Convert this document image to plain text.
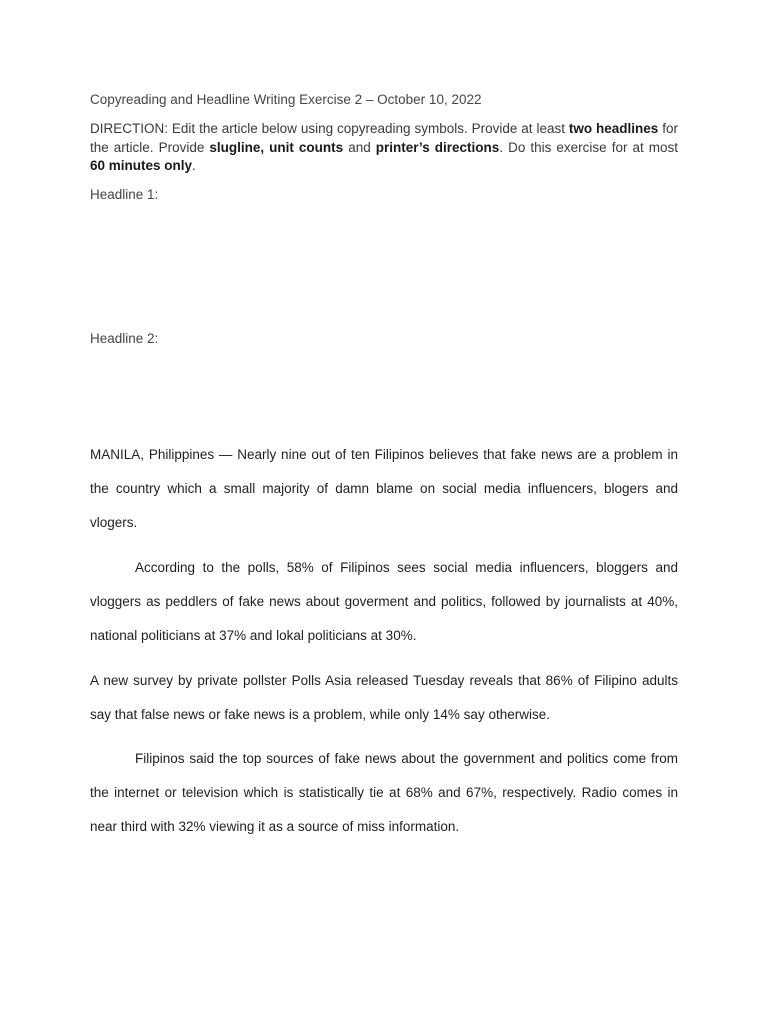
Copyreading and Headline Writing Exercise 2 – October 10, 2022
DIRECTION: Edit the article below using copyreading symbols. Provide at least two headlines for the article. Provide slugline, unit counts and printer’s directions. Do this exercise for at most 60 minutes only.
Headline 1:
Headline 2:

MANILA, Philippines — Nearly nine out of ten Filipinos believes that fake news are a problem in the country which a small majority of damn blame on social media influencers, blogers and vlogers.

According to the polls, 58% of Filipinos sees social media influencers, bloggers and vloggers as peddlers of fake news about goverment and politics, followed by journalists at 40%, national politicians at 37% and lokal politicians at 30%.

A new survey by private pollster Polls Asia released Tuesday reveals that 86% of Filipino adults say that false news or fake news is a problem, while only 14% say otherwise.

Filipinos said the top sources of fake news about the government and politics come from the internet or television which is statistically tie at 68% and 67%, respectively. Radio comes in near third with 32% viewing it as a source of miss information.
